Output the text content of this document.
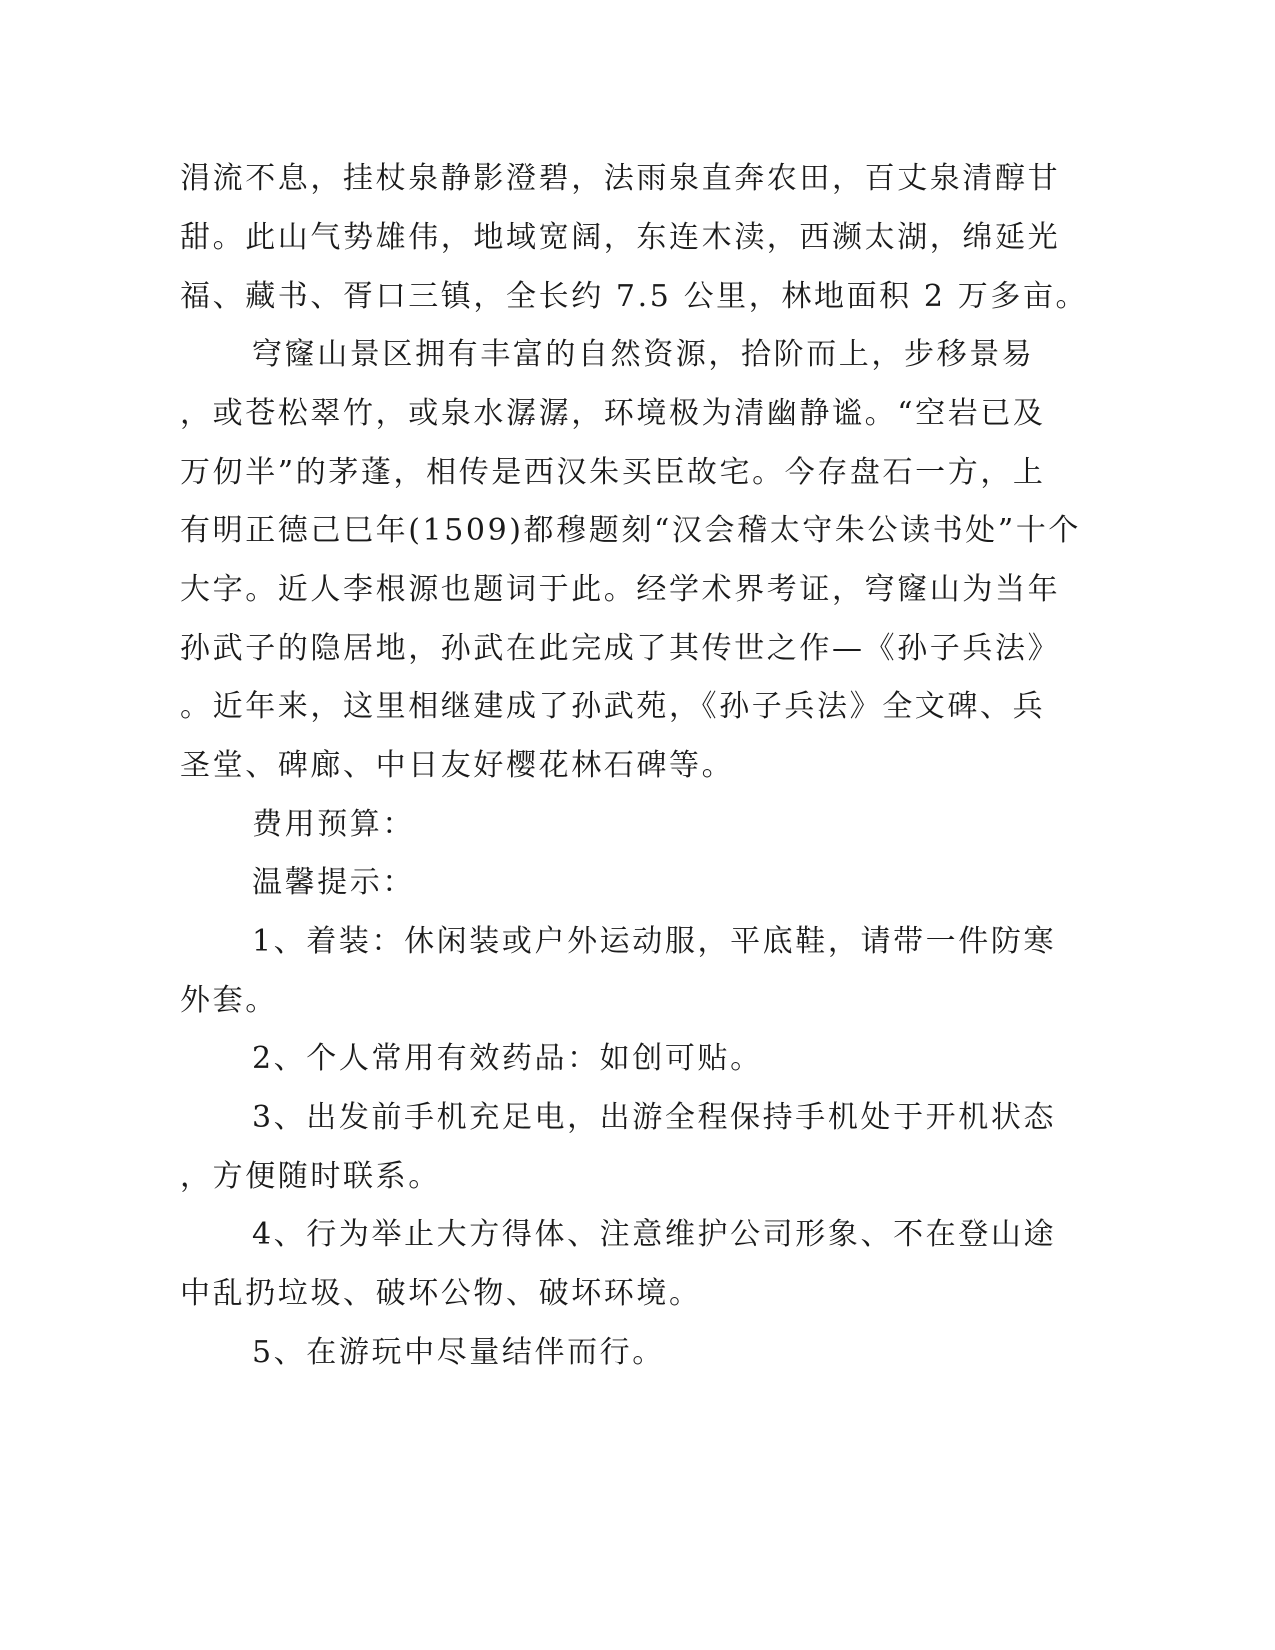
涓流不息，挂杖泉静影澄碧，法雨泉直奔农田，百丈泉清醇甘
甜。此山气势雄伟，地域宽阔，东连木渎，西濒太湖，绵延光
福、藏书、胥口三镇，全长约 7.5 公里，林地面积 2 万多亩。
穹窿山景区拥有丰富的自然资源，拾阶而上，步移景易
，或苍松翠竹，或泉水潺潺，环境极为清幽静谧。“空岩已及
万仞半”的茅蓬，相传是西汉朱买臣故宅。今存盘石一方，上
有明正德己巳年(1509)都穆题刻“汉会稽太守朱公读书处”十个
大字。近人李根源也题词于此。经学术界考证，穹窿山为当年
孙武子的隐居地，孙武在此完成了其传世之作—《孙子兵法》
。近年来，这里相继建成了孙武苑，《孙子兵法》全文碑、兵
圣堂、碑廊、中日友好樱花林石碑等。
费用预算：
温馨提示：
1、着装：休闲装或户外运动服，平底鞋，请带一件防寒
外套。
2、个人常用有效药品：如创可贴。
3、出发前手机充足电，出游全程保持手机处于开机状态
，方便随时联系。
4、行为举止大方得体、注意维护公司形象、不在登山途
中乱扔垃圾、破坏公物、破坏环境。
5、在游玩中尽量结伴而行。
